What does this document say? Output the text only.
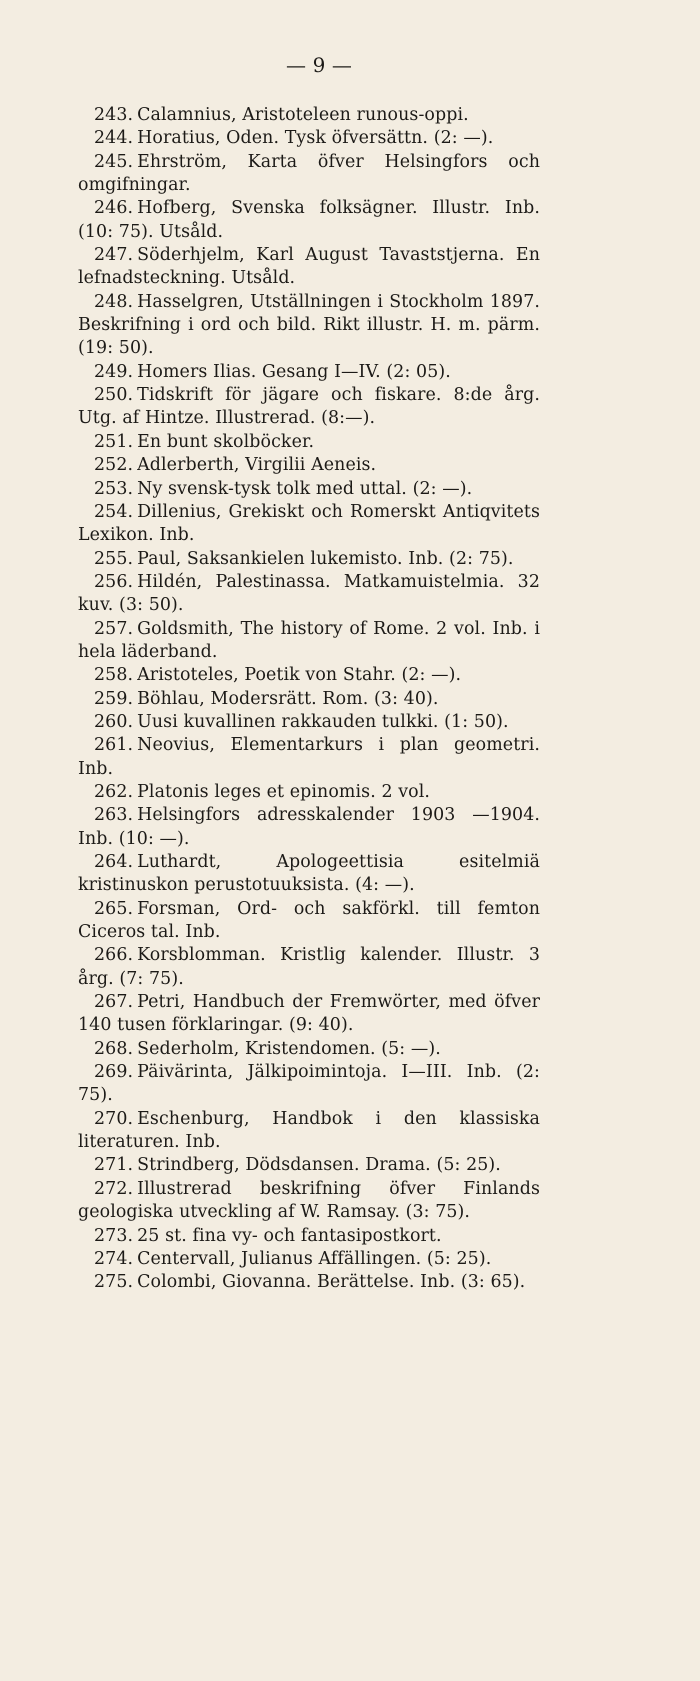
— 9 —

243. Calamnius, Aristoteleen runous-oppi.

244. Horatius, Oden. Tysk öfversättn. (2: —).

245. Ehrström, Karta öfver Helsingfors och omgifningar.

246. Hofberg, Svenska folksägner. Illustr. Inb. (10: 75). Utsåld.

247. Söderhjelm, Karl August Tavaststjerna. En lefnadsteckning. Utsåld.

248. Hasselgren, Utställningen i Stockholm 1897. Beskrifning i ord och bild. Rikt illustr. H. m. pärm. (19: 50).

249. Homers Ilias. Gesang I—IV. (2: 05).

250. Tidskrift för jägare och fiskare. 8:de årg. Utg. af Hintze. Illustrerad. (8:—).

251. En bunt skolböcker.

252. Adlerberth, Virgilii Aeneis.

253. Ny svensk-tysk tolk med uttal. (2: —).

254. Dillenius, Grekiskt och Romerskt Antiqvitets Lexikon. Inb.

255. Paul, Saksankielen lukemisto. Inb. (2: 75).

256. Hildén, Palestinassa. Matkamuistelmia. 32 kuv. (3: 50).

257. Goldsmith, The history of Rome. 2 vol. Inb. i hela läderband.

258. Aristoteles, Poetik von Stahr. (2: —).

259. Böhlau, Modersrätt. Rom. (3: 40).

260. Uusi kuvallinen rakkauden tulkki. (1: 50).

261. Neovius, Elementarkurs i plan geometri. Inb.

262. Platonis leges et epinomis. 2 vol.

263. Helsingfors adresskalender 1903 —1904. Inb. (10: —).

264. Luthardt, Apologeettisia esitelmiä kristinuskon perustotuuksista. (4: —).

265. Forsman, Ord- och sakförkl. till femton Ciceros tal. Inb.

266. Korsblomman. Kristlig kalender. Illustr. 3 årg. (7: 75).

267. Petri, Handbuch der Fremwörter, med öfver 140 tusen förklaringar. (9: 40).

268. Sederholm, Kristendomen. (5: —).

269. Päivärinta, Jälkipoimintoja. I—III. Inb. (2: 75).

270. Eschenburg, Handbok i den klassiska literaturen. Inb.

271. Strindberg, Dödsdansen. Drama. (5: 25).

272. Illustrerad beskrifning öfver Finlands geologiska utveckling af W. Ramsay. (3: 75).

273. 25 st. fina vy- och fantasipostkort.

274. Centervall, Julianus Affällingen. (5: 25).

275. Colombi, Giovanna. Berättelse. Inb. (3: 65).
